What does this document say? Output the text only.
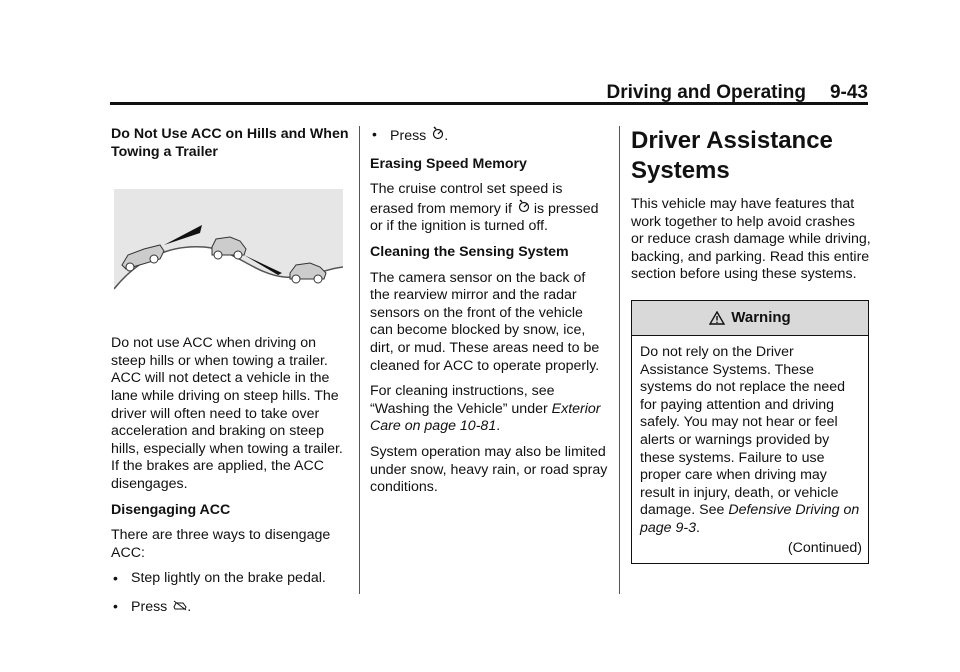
Driving and Operating 9-43
Do Not Use ACC on Hills and When Towing a Trailer

Do not use ACC when driving on steep hills or when towing a trailer. ACC will not detect a vehicle in the lane while driving on steep hills. The driver will often need to take over acceleration and braking on steep hills, especially when towing a trailer. If the brakes are applied, the ACC disengages.

Disengaging ACC

There are three ways to disengage ACC:

• Step lightly on the brake pedal.
• Press .
• Press .
Erasing Speed Memory

The cruise control set speed is erased from memory if is pressed or if the ignition is turned off.

Cleaning the Sensing System

The camera sensor on the back of the rearview mirror and the radar sensors on the front of the vehicle can become blocked by snow, ice, dirt, or mud. These areas need to be cleaned for ACC to operate properly.

For cleaning instructions, see “Washing the Vehicle” under Exterior Care on page 10-81.

System operation may also be limited under snow, heavy rain, or road spray conditions.

Driver Assistance Systems

This vehicle may have features that work together to help avoid crashes or reduce crash damage while driving, backing, and parking. Read this entire section before using these systems.

Warning
Do not rely on the Driver Assistance Systems. These systems do not replace the need for paying attention and driving safely. You may not hear or feel alerts or warnings provided by these systems. Failure to use proper care when driving may result in injury, death, or vehicle damage. See Defensive Driving on page 9-3.
(Continued)
